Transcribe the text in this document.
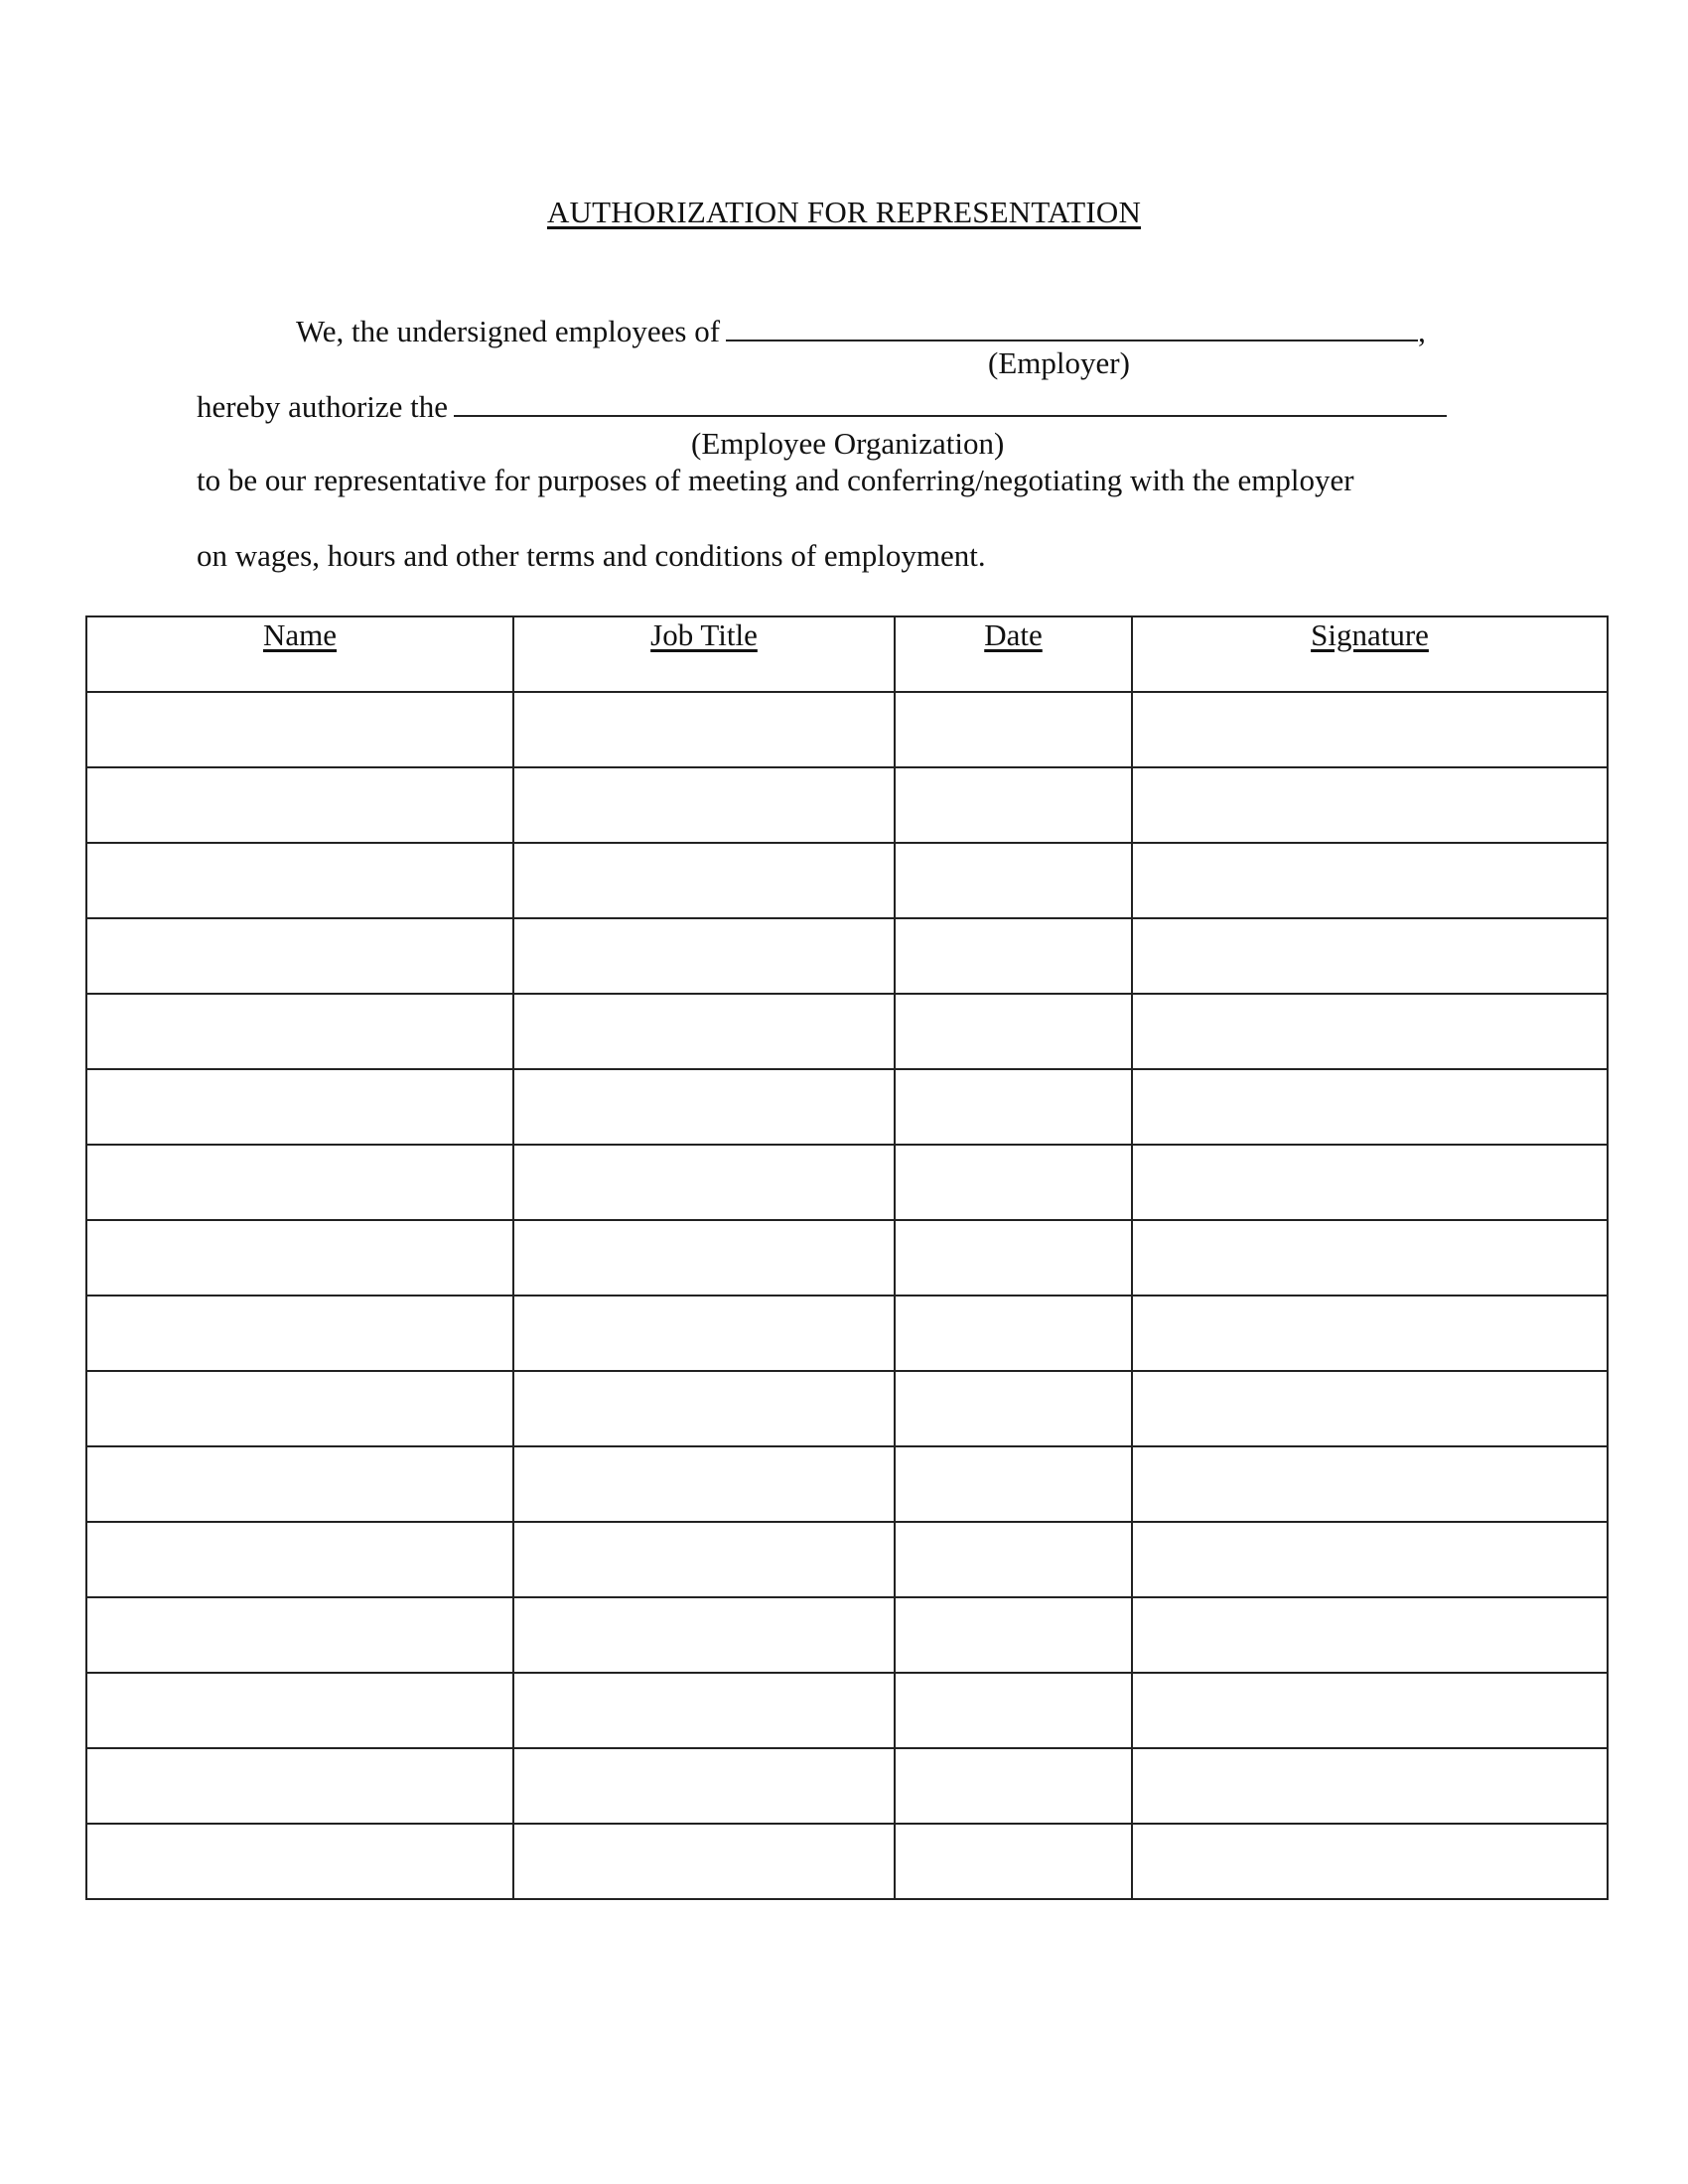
AUTHORIZATION FOR REPRESENTATION
We, the undersigned employees of	,
(Employer)
hereby authorize the
(Employee Organization)
to be our representative for purposes of meeting and conferring/negotiating with the employer
on wages, hours and other terms and conditions of employment.
Name	Job Title	Date	Signature
